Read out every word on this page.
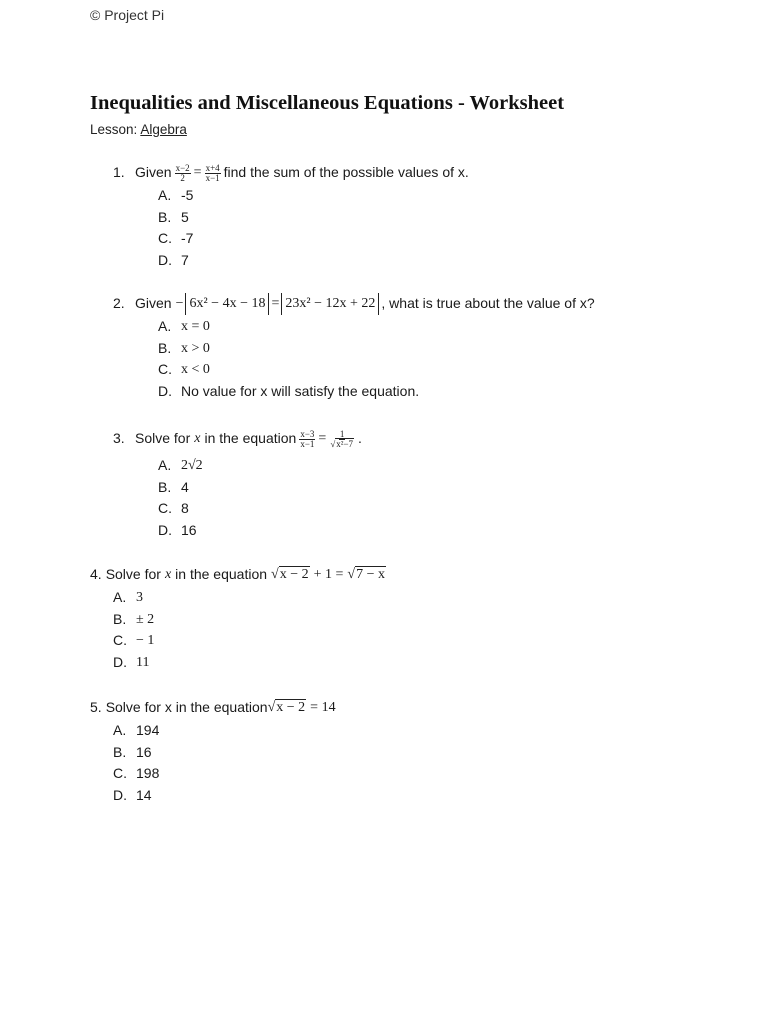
© Project Pi
Inequalities and Miscellaneous Equations - Worksheet
Lesson: Algebra
1. Given $\frac{x-2}{2} = \frac{x+4}{x-1}$ find the sum of the possible values of x.
A. -5
B. 5
C. -7
D. 7
2. Given − 6x² − 4x − 18 = 23x² − 12x + 22 , what is true about the value of x?
A. x = 0
B. x > 0
C. x < 0
D. No value for x will satisfy the equation.
3. Solve for x in the equation $\frac{x-3}{x-1} = \frac{1}{\text{√x²−7}}$ .
A. 2√2
B. 4
C. 8
D. 16
4. Solve for x in the equation √x − 2 + 1 = √7 − x
A. 3
B. ± 2
C. − 1
D. 11
5. Solve for x in the equation √x − 2 = 14
A. 194
B. 16
C. 198
D. 14
